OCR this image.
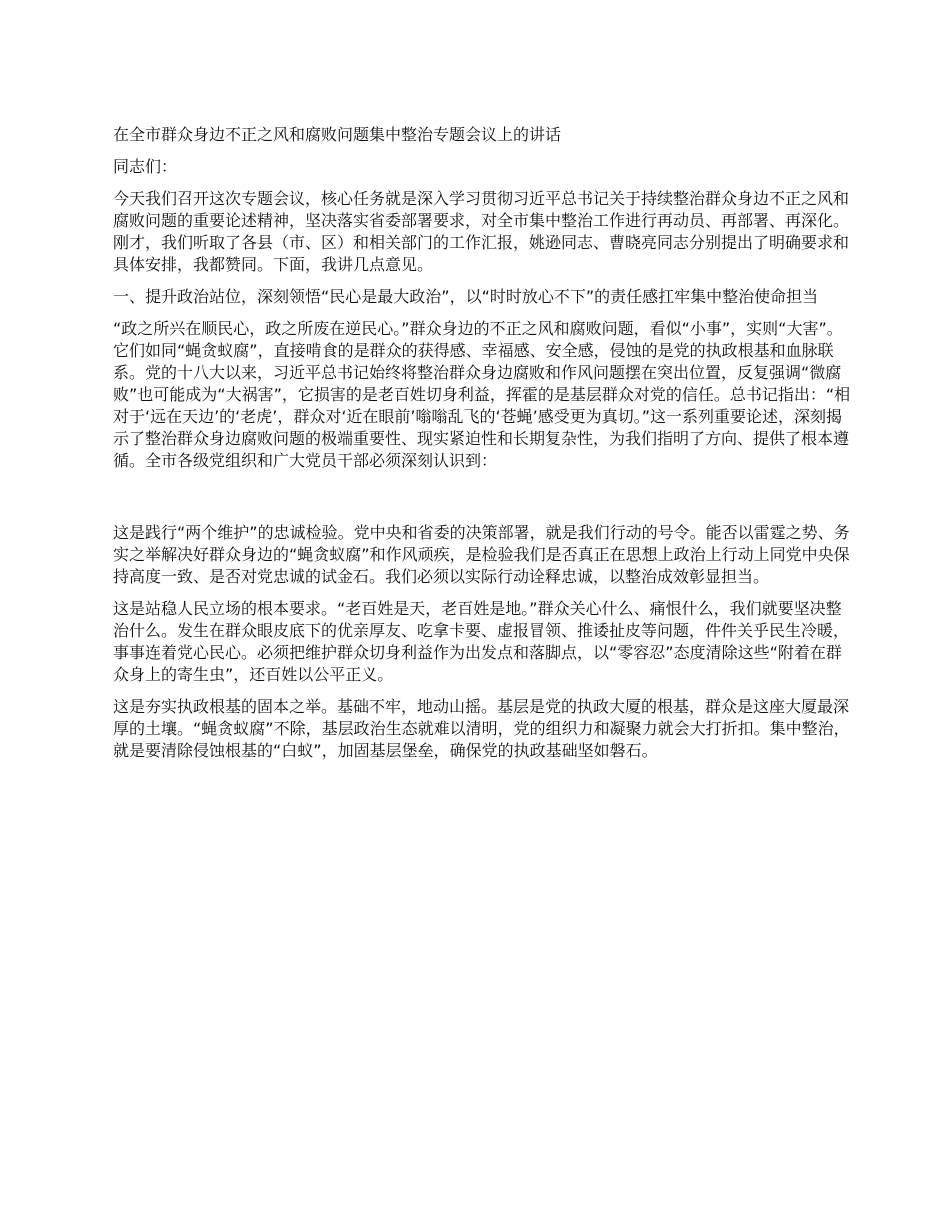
在全市群众身边不正之风和腐败问题集中整治专题会议上的讲话

同志们：

今天我们召开这次专题会议，核心任务就是深入学习贯彻习近平总书记关于持续整治群众身边不正之风和腐败问题的重要论述精神，坚决落实省委部署要求，对全市集中整治工作进行再动员、再部署、再深化。刚才，我们听取了各县（市、区）和相关部门的工作汇报，姚逊同志、曹晓亮同志分别提出了明确要求和具体安排，我都赞同。下面，我讲几点意见。

一、提升政治站位，深刻领悟“民心是最大政治”，以“时时放心不下”的责任感扛牢集中整治使命担当

“政之所兴在顺民心，政之所废在逆民心。”群众身边的不正之风和腐败问题，看似“小事”，实则“大害”。它们如同“蝇贪蚁腐”，直接啃食的是群众的获得感、幸福感、安全感，侵蚀的是党的执政根基和血脉联系。党的十八大以来，习近平总书记始终将整治群众身边腐败和作风问题摆在突出位置，反复强调“微腐败”也可能成为“大祸害”，它损害的是老百姓切身利益，挥霍的是基层群众对党的信任。总书记指出：“相对于‘远在天边’的‘老虎’，群众对‘近在眼前’嗡嗡乱飞的‘苍蝇’感受更为真切。”这一系列重要论述，深刻揭示了整治群众身边腐败问题的极端重要性、现实紧迫性和长期复杂性，为我们指明了方向、提供了根本遵循。全市各级党组织和广大党员干部必须深刻认识到：

这是践行“两个维护”的忠诚检验。党中央和省委的决策部署，就是我们行动的号令。能否以雷霆之势、务实之举解决好群众身边的“蝇贪蚁腐”和作风顽疾，是检验我们是否真正在思想上政治上行动上同党中央保持高度一致、是否对党忠诚的试金石。我们必须以实际行动诠释忠诚，以整治成效彰显担当。

这是站稳人民立场的根本要求。“老百姓是天，老百姓是地。”群众关心什么、痛恨什么，我们就要坚决整治什么。发生在群众眼皮底下的优亲厚友、吃拿卡要、虚报冒领、推诿扯皮等问题，件件关乎民生冷暖，事事连着党心民心。必须把维护群众切身利益作为出发点和落脚点，以“零容忍”态度清除这些“附着在群众身上的寄生虫”，还百姓以公平正义。

这是夯实执政根基的固本之举。基础不牢，地动山摇。基层是党的执政大厦的根基，群众是这座大厦最深厚的土壤。“蝇贪蚁腐”不除，基层政治生态就难以清明，党的组织力和凝聚力就会大打折扣。集中整治，就是要清除侵蚀根基的“白蚁”，加固基层堡垒，确保党的执政基础坚如磐石。
